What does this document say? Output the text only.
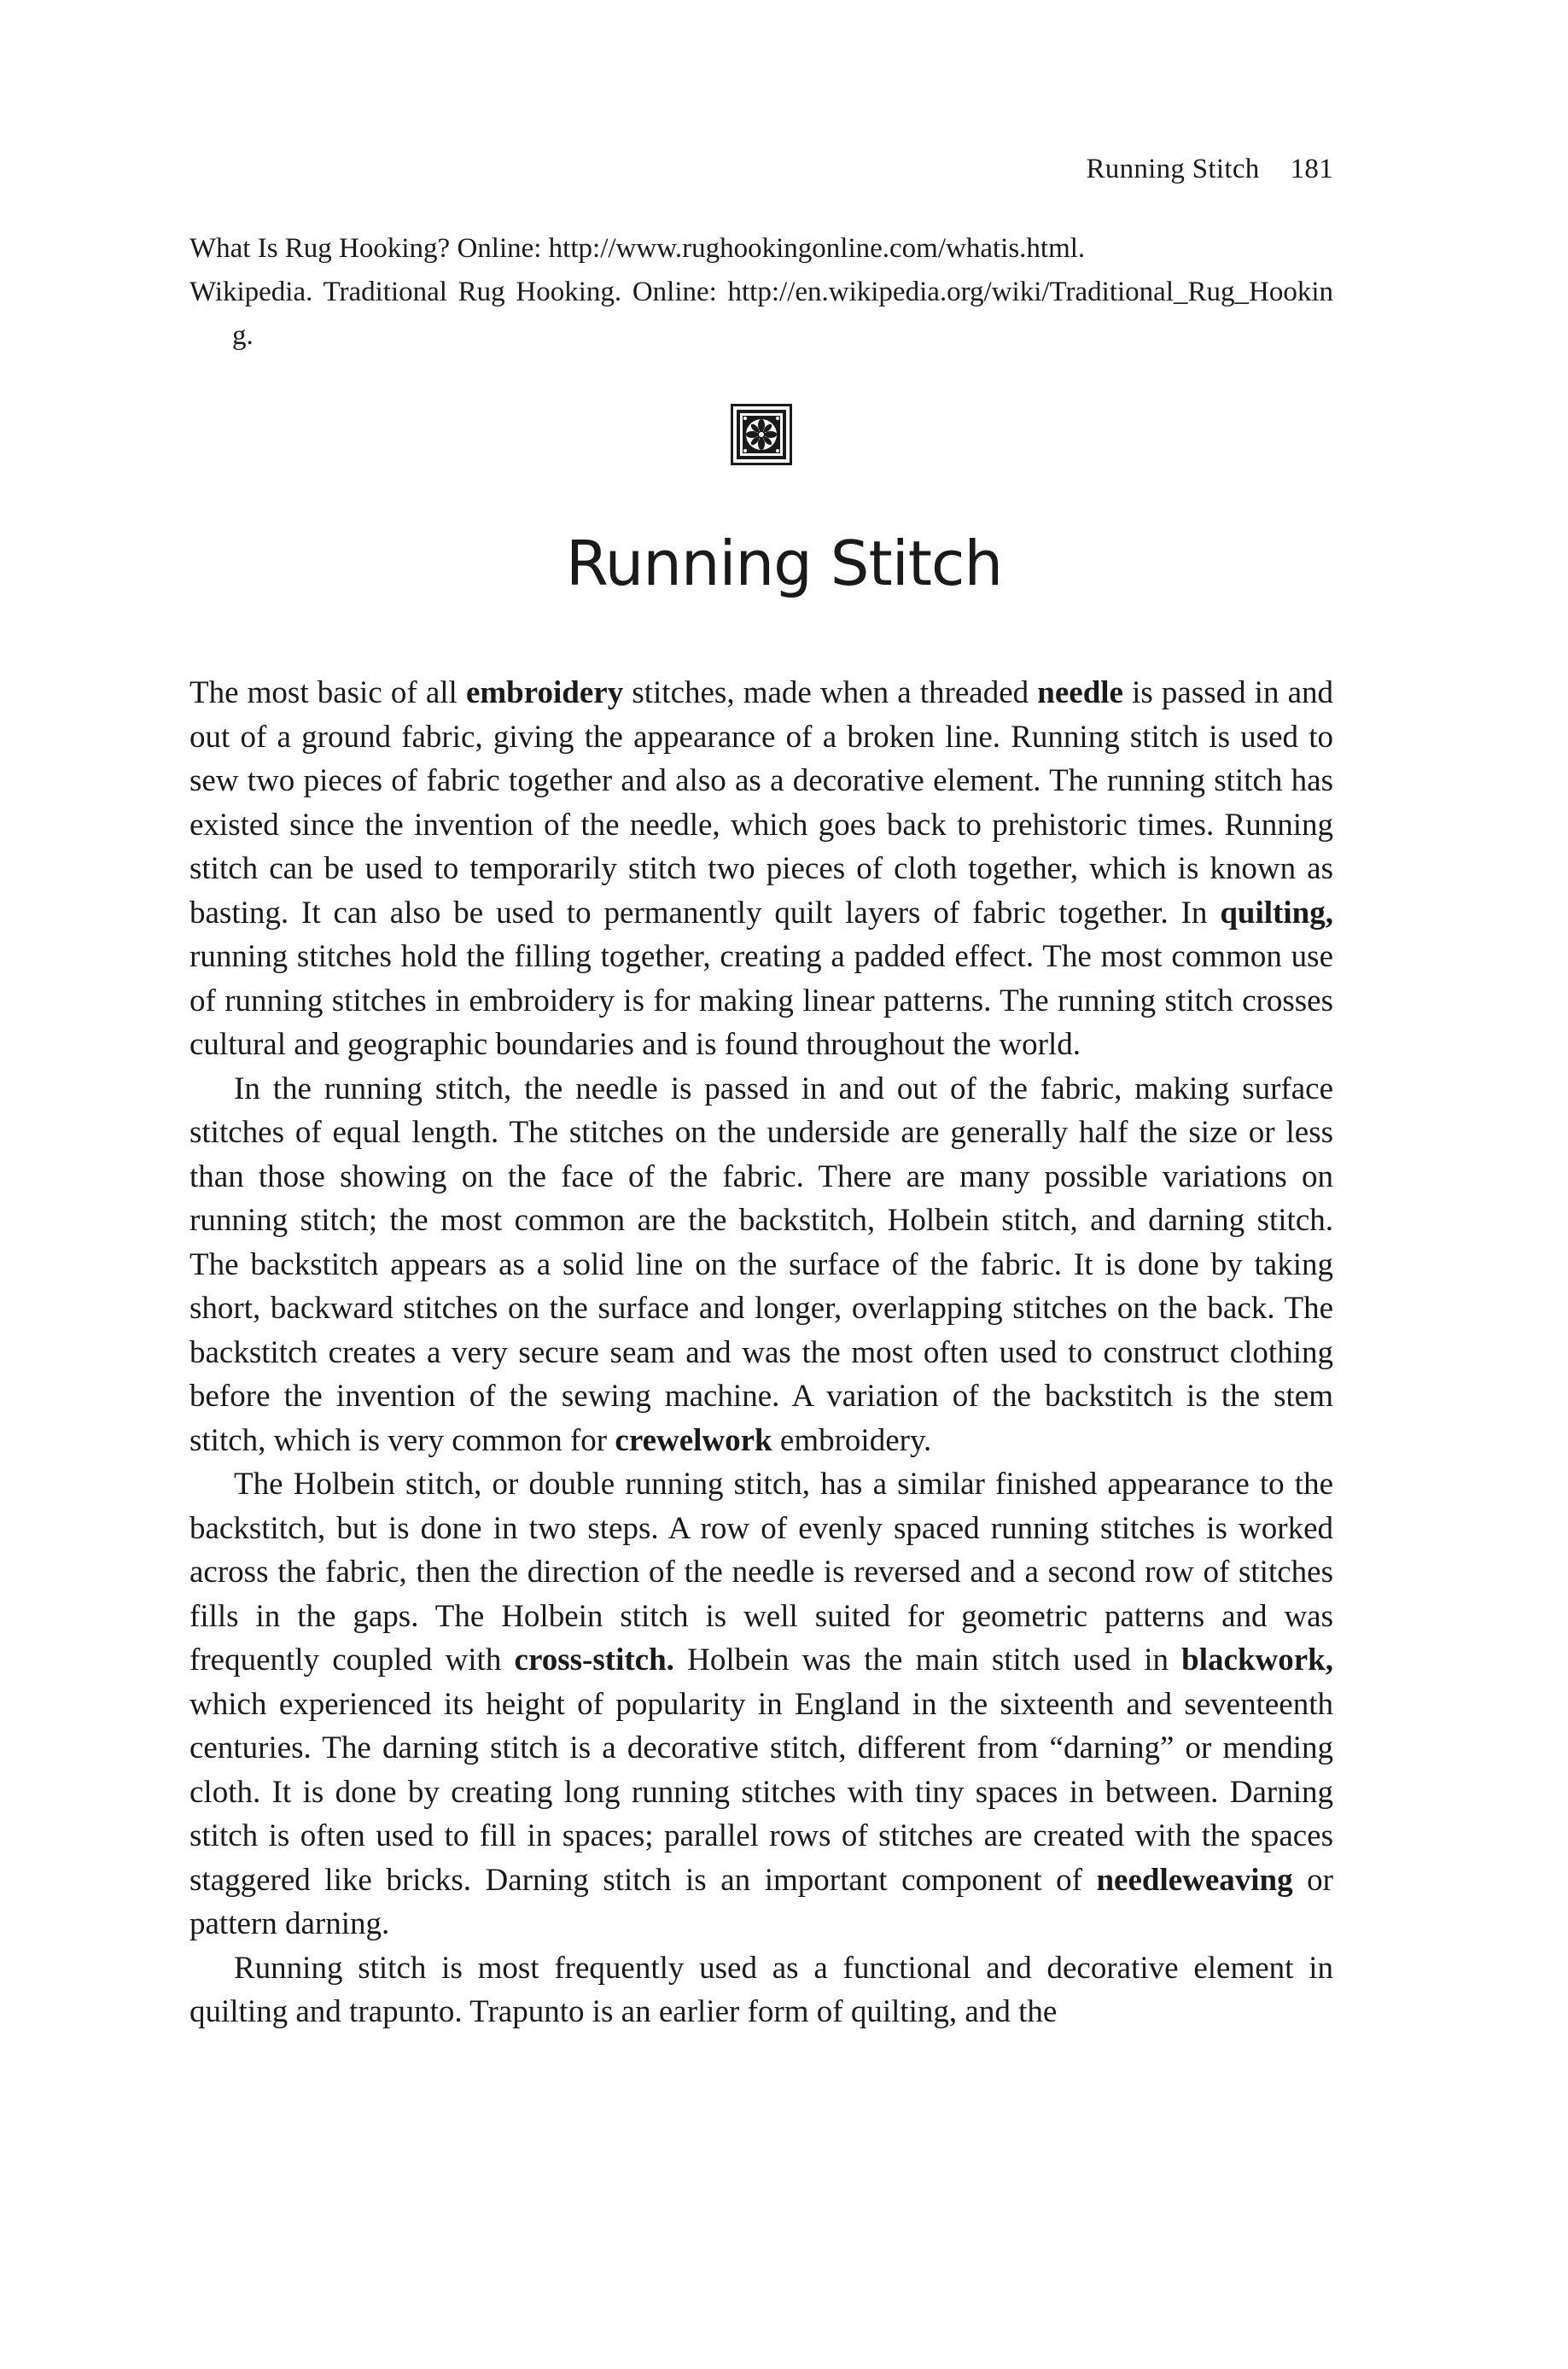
Running Stitch 181
What Is Rug Hooking? Online: http://www.rughookingonline.com/whatis.html.
Wikipedia. Traditional Rug Hooking. Online: http://en.wikipedia.org/wiki/Traditional_Rug_Hooking.
Running Stitch

The most basic of all embroidery stitches, made when a threaded needle is passed in and out of a ground fabric, giving the appearance of a broken line. Running stitch is used to sew two pieces of fabric together and also as a decorative element. The running stitch has existed since the invention of the needle, which goes back to prehistoric times. Running stitch can be used to temporarily stitch two pieces of cloth together, which is known as basting. It can also be used to permanently quilt layers of fabric together. In quilting, running stitches hold the filling together, creating a padded effect. The most common use of running stitches in embroidery is for making linear patterns. The running stitch crosses cultural and geographic boundaries and is found throughout the world.

In the running stitch, the needle is passed in and out of the fabric, making surface stitches of equal length. The stitches on the underside are generally half the size or less than those showing on the face of the fabric. There are many possible variations on running stitch; the most common are the backstitch, Holbein stitch, and darning stitch. The backstitch appears as a solid line on the surface of the fabric. It is done by taking short, backward stitches on the surface and longer, overlapping stitches on the back. The backstitch creates a very secure seam and was the most often used to construct clothing before the invention of the sewing machine. A variation of the backstitch is the stem stitch, which is very common for crewelwork embroidery.

The Holbein stitch, or double running stitch, has a similar finished appearance to the backstitch, but is done in two steps. A row of evenly spaced running stitches is worked across the fabric, then the direction of the needle is reversed and a second row of stitches fills in the gaps. The Holbein stitch is well suited for geometric patterns and was frequently coupled with cross-stitch. Holbein was the main stitch used in blackwork, which experienced its height of popularity in England in the sixteenth and seventeenth centuries. The darning stitch is a decorative stitch, different from “darning” or mending cloth. It is done by creating long running stitches with tiny spaces in between. Darning stitch is often used to fill in spaces; parallel rows of stitches are created with the spaces staggered like bricks. Darning stitch is an important component of needleweaving or pattern darning.

Running stitch is most frequently used as a functional and decorative element in quilting and trapunto. Trapunto is an earlier form of quilting, and the
